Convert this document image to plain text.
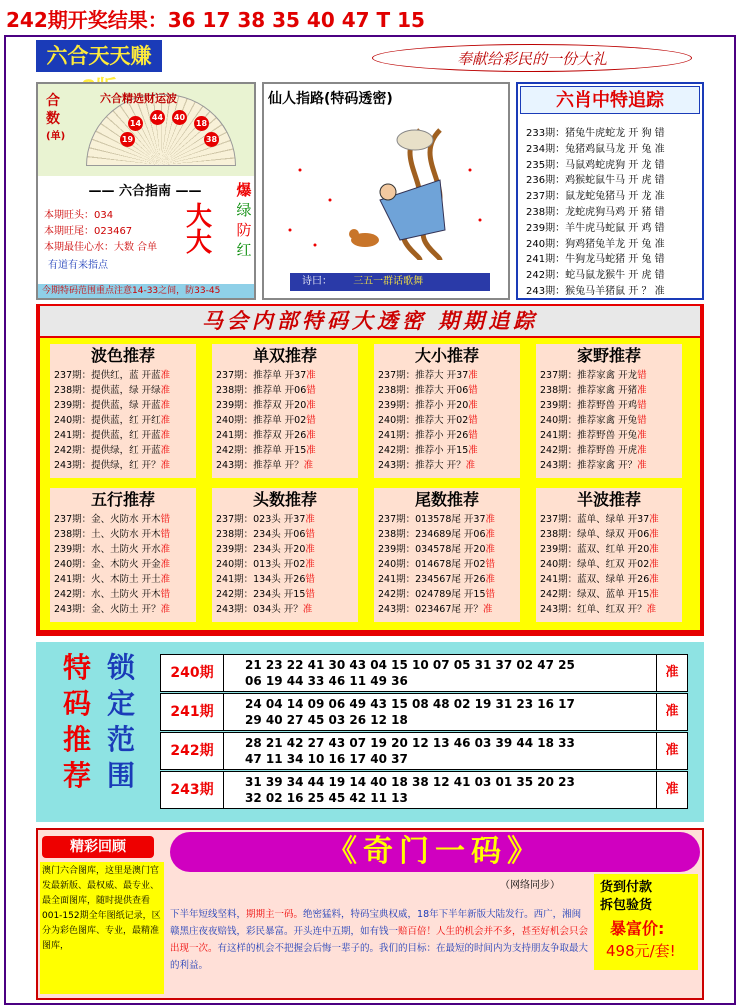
242期开奖结果：36 17 38 35 40 47 T 15
六合天天赚	奉献给彩民的一份大礼
六合精选财运波
合
数
(单)
14
44 40
18
19	38
—— 六合指南 ——
本期旺头：034
本期旺尾：023467
本期最佳心水：大数 合单
有道有来指点
大
大
爆
绿
防
红
今期特码范围重点注意14-33之间，防33-45
仙人指路(特码透密)
诗曰： 三五一群话歌舞
六肖中特追踪
233期：猪兔牛虎蛇龙 开 狗 错
234期：兔猪鸡鼠马龙 开 兔 准
235期：马鼠鸡蛇虎狗 开 龙 错
236期：鸡猴蛇鼠牛马 开 虎 错
237期：鼠龙蛇兔猪马 开 龙 准
238期：龙蛇虎狗马鸡 开 猪 错
239期：羊牛虎马蛇鼠 开 鸡 错
240期：狗鸡猪兔羊龙 开 兔 准
241期：牛狗龙马蛇猪 开 兔 错
242期：蛇马鼠龙猴牛 开 虎 错
243期：猴兔马羊猪鼠 开 ？ 准
马会内部特码大透密 期期追踪
波色推荐
237期：提供红，蓝 开蓝准
238期：提供蓝，绿 开绿准
239期：提供蓝，绿 开蓝准
240期：提供蓝，红 开红准
241期：提供蓝，红 开蓝准
242期：提供绿，红 开蓝准
243期：提供绿，红 开？准
单双推荐
237期：推荐单 开37准
238期：推荐单 开06错
239期：推荐双 开20准
240期：推荐单 开02错
241期：推荐双 开26准
242期：推荐单 开15准
243期：推荐单 开？准
大小推荐
237期：推荐大 开37准
238期：推荐大 开06错
239期：推荐小 开20准
240期：推荐大 开02错
241期：推荐小 开26错
242期：推荐小 开15准
243期：推荐大 开？准
家野推荐
237期：推荐家禽 开龙错
238期：推荐家禽 开猪准
239期：推荐野兽 开鸡错
240期：推荐家禽 开兔错
241期：推荐野兽 开兔准
242期：推荐野兽 开虎准
243期：推荐家禽 开？准
五行推荐
237期：金、火防水 开木错
238期：土、火防水 开木错
239期：水、土防火 开水准
240期：金、木防火 开金准
241期：火、木防土 开土准
242期：水、土防火 开木错
243期：金、火防土 开？准
头数推荐
237期：023头 开37准
238期：234头 开06错
239期：234头 开20准
240期：013头 开02准
241期：134头 开26错
242期：234头 开15错
243期：034头 开？准
尾数推荐
237期：013578尾 开37准
238期：234689尾 开06准
239期：034578尾 开20准
240期：014678尾 开02错
241期：234567尾 开26准
242期：024789尾 开15错
243期：023467尾 开？准
半波推荐
237期：蓝单、绿单 开37准
238期：绿单、绿双 开06准
239期：蓝双、红单 开20准
240期：绿单、红双 开02准
241期：蓝双、绿单 开26准
242期：绿双、蓝单 开15准
243期：红单、红双 开？准
特
码
推
荐
锁
定
范
围
240期	21 23 22 41 30 43 04 15 10 07 05 31 37 02 47 25
06 19 44 33 46 11 49 36
准
241期	24 04 14 09 06 49 43 15 08 48 02 19 31 23 16 17
29 40 27 45 03 26 12 18
准
242期	28 21 42 27 43 07 19 20 12 13 46 03 39 44 18 33
47 11 34 10 16 17 40 37
准
243期	31 39 34 44 19 14 40 18 38 12 41 03 01 35 20 23
32 02 16 25 45 42 11 13
准
精彩回顾
澳门六合图库，这里是澳门官发最新版、最权威、最专业、最全面图库，随时提供查看001-152期全年图纸记录，区分为彩色图库、专业，最精准图库，
《奇门一码》
（网络同步）
下半年短线坚料，期期主一码。绝密猛料，特码宝典权威，18年下半年新版大陆发行。西广，湘闽赣黑庄夜夜赔钱，彩民暴富。开头连中五期，如有钱一赔百倍！人生的机会并不多，甚至好机会只会出现一次。有这样的机会不把握会后悔一辈子的。我们的目标：在最短的时间内为支持朋友争取最大的利益。
货到付款
拆包验货
暴富价:
498元/套!
